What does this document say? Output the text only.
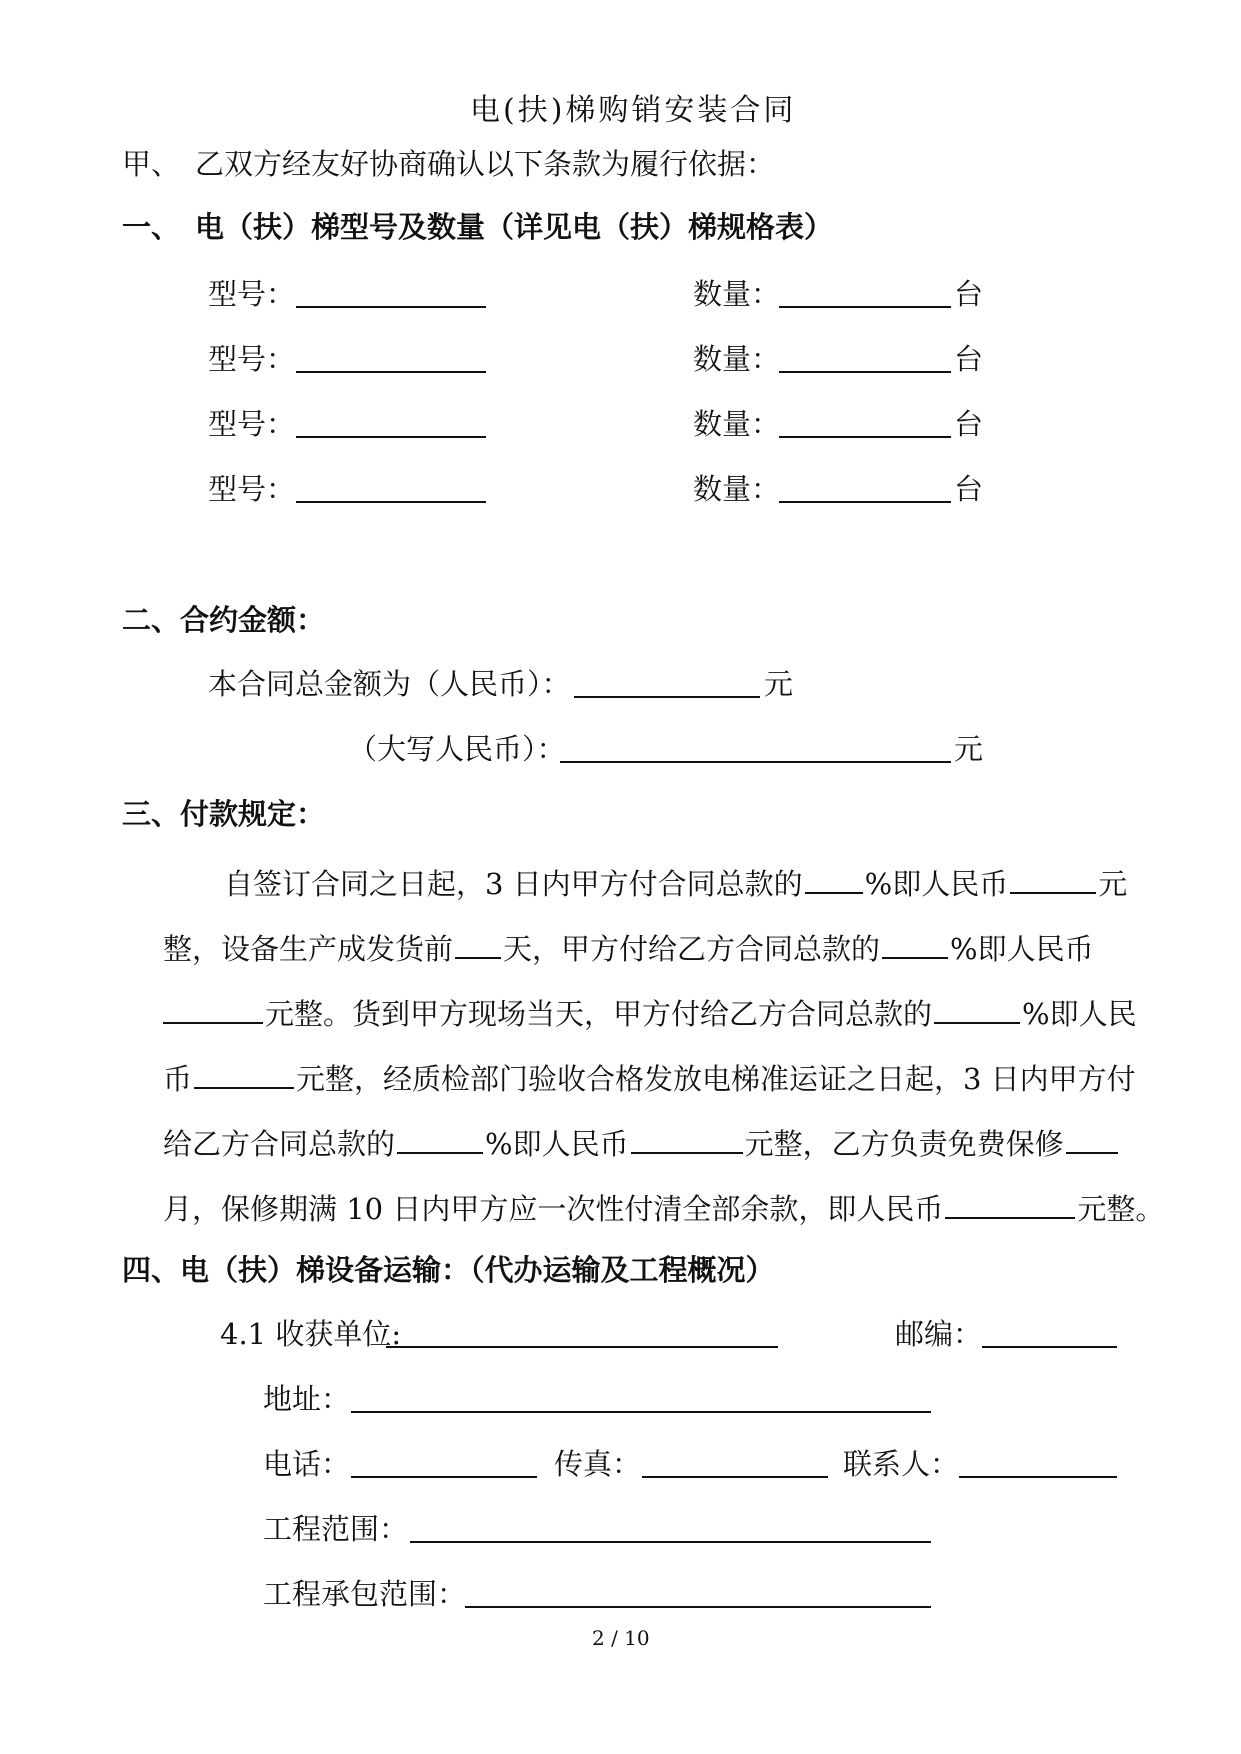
电(扶)梯购销安装合同
甲、 乙双方经友好协商确认以下条款为履行依据：
一、 电（扶）梯型号及数量（详见电（扶）梯规格表）
型号：	数量：	台
型号：	数量：	台
型号：	数量：	台
型号：	数量：	台
二、合约金额：
本合同总金额为（人民币）：	元
（大写人民币）：	元
三、付款规定：
自签订合同之日起，3 日内甲方付合同总款的 %即人民币	元
整，设备生产成发货前 天，甲方付给乙方合同总款的 %即人民币
元整。货到甲方现场当天，甲方付给乙方合同总款的	%即人民
币	元整，经质检部门验收合格发放电梯准运证之日起，3 日内甲方付
给乙方合同总款的	%即人民币	元整，乙方负责免费保修
月，保修期满 10 日内甲方应一次性付清全部余款，即人民币	元整。
四、电（扶）梯设备运输：（代办运输及工程概况）
4.1 收获单位:	邮编：
地址：
电话：	传真：	联系人：
工程范围：
工程承包范围：
2 / 10
